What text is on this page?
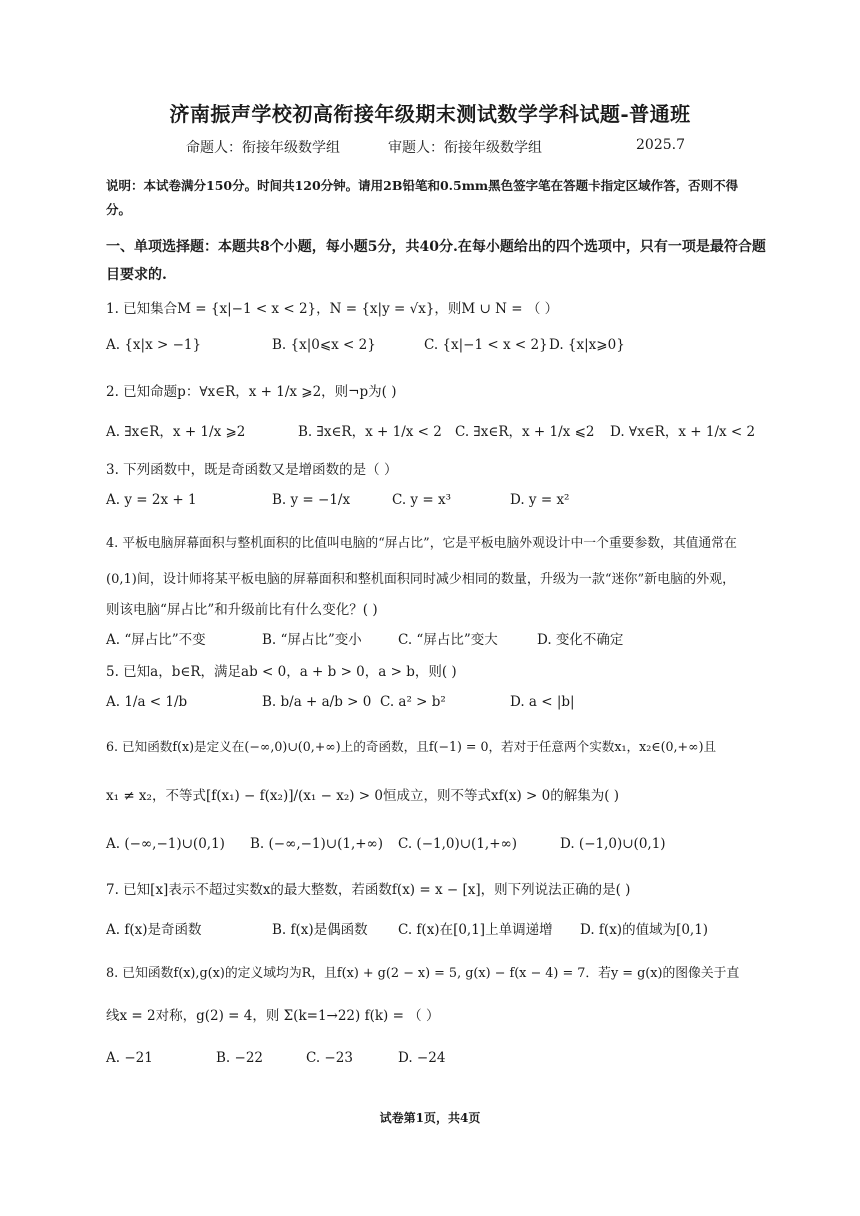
济南振声学校初高衔接年级期末测试数学学科试题-普通班
命题人：衔接年级数学组	审题人：衔接年级数学组	2025.7
说明：本试卷满分150分。时间共120分钟。请用2B铅笔和0.5mm黑色签字笔在答题卡指定区域作答，否则不得
分。
一、单项选择题：本题共8个小题，每小题5分，共40分.在每小题给出的四个选项中，只有一项是最符合题
目要求的.
1. 已知集合M = {x|−1 < x < 2}，N = {x|y = √x}，则M ∪ N = （ ）
A. {x|x > −1}	B. {x|0⩽x < 2}	C. {x|−1 < x < 2} D. {x|x⩾0}
2. 已知命题p：∀x∈R，x + 1/x ⩾2，则¬p为( )
A. ∃x∈R，x + 1/x ⩾2	B. ∃x∈R，x + 1/x < 2 C. ∃x∈R，x + 1/x ⩽2 D. ∀x∈R，x + 1/x < 2
3. 下列函数中，既是奇函数又是增函数的是（ ）
A. y = 2x + 1	B. y = −1/x	C. y = x³	D. y = x²
4. 平板电脑屏幕面积与整机面积的比值叫电脑的“屏占比”，它是平板电脑外观设计中一个重要参数，其值通常在
(0,1)间，设计师将某平板电脑的屏幕面积和整机面积同时减少相同的数量，升级为一款“迷你”新电脑的外观，
则该电脑“屏占比”和升级前比有什么变化？( )
A. “屏占比”不变	B. “屏占比”变小	C. “屏占比”变大	D. 变化不确定
5. 已知a，b∈R，满足ab < 0，a + b > 0，a > b，则( )
A. 1/a < 1/b	B. b/a + a/b > 0 C. a² > b²	D. a < |b|
6. 已知函数f(x)是定义在(−∞,0)∪(0,+∞)上的奇函数，且f(−1) = 0，若对于任意两个实数x₁，x₂∈(0,+∞)且
x₁ ≠ x₂，不等式[f(x₁) − f(x₂)]/(x₁ − x₂) > 0恒成立，则不等式xf(x) > 0的解集为( )
A. (−∞,−1)∪(0,1) B. (−∞,−1)∪(1,+∞) C. (−1,0)∪(1,+∞)	D. (−1,0)∪(0,1)
7. 已知[x]表示不超过实数x的最大整数，若函数f(x) = x − [x]，则下列说法正确的是( )
A. f(x)是奇函数	B. f(x)是偶函数 C. f(x)在[0,1]上单调递增 D. f(x)的值域为[0,1)
8. 已知函数f(x),g(x)的定义域均为R，且f(x) + g(2 − x) = 5, g(x) − f(x − 4) = 7．若y = g(x)的图像关于直
线x = 2对称，g(2) = 4，则 Σ(k=1→22) f(k) = （ ）
A. −21	B. −22	C. −23	D. −24
试卷第1页，共4页
